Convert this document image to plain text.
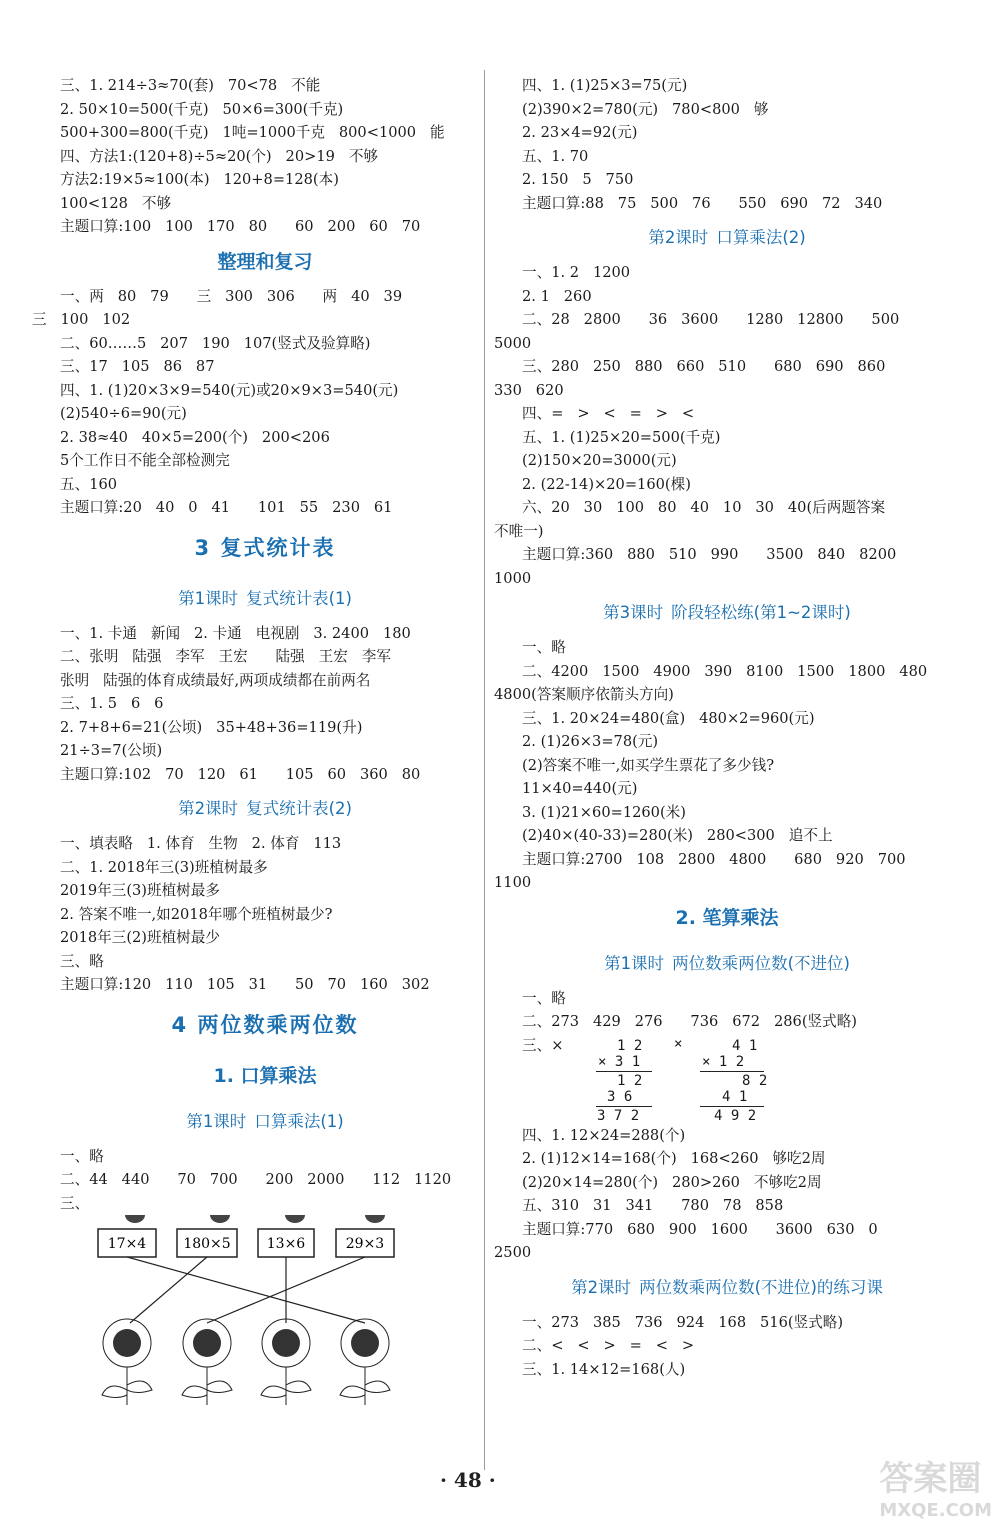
三、1. 214÷3≈70(套)   70<78   不能
2. 50×10=500(千克)   50×6=300(千克)
500+300=800(千克)   1吨=1000千克   800<1000   能
四、方法1:(120+8)÷5≈20(个)   20>19   不够
方法2:19×5≈100(本)   120+8=128(本)
100<128   不够
主题口算:100   100   170   80      60   200   60   70
整理和复习
一、两   80   79      三   300   306      两   40   39
三   100   102
二、60……5   207   190   107(竖式及验算略)
三、17   105   86   87
四、1. (1)20×3×9=540(元)或20×9×3=540(元)
(2)540÷6=90(元)
2. 38≈40   40×5=200(个)   200<206
5个工作日不能全部检测完
五、160
主题口算:20   40   0   41      101   55   230   61
3 复式统计表
第1课时 复式统计表(1)
一、1. 卡通   新闻   2. 卡通   电视剧   3. 2400   180
二、张明   陆强   李军   王宏      陆强   王宏   李军
张明   陆强的体育成绩最好,两项成绩都在前两名
三、1. 5   6   6
2. 7+8+6=21(公顷)   35+48+36=119(升)
21÷3=7(公顷)
主题口算:102   70   120   61      105   60   360   80
第2课时 复式统计表(2)
一、填表略   1. 体育   生物   2. 体育   113
二、1. 2018年三(3)班植树最多
2019年三(3)班植树最多
2. 答案不唯一,如2018年哪个班植树最少?
2018年三(2)班植树最少
三、略
主题口算:120   110   105   31      50   70   160   302
4 两位数乘两位数
1. 口算乘法
第1课时 口算乘法(1)
一、略
二、44   440      70   700      200   2000      112   1120
三、
17×4	180×5	13×6	29×3
四、1. (1)25×3=75(元)
(2)390×2=780(元)   780<800   够
2. 23×4=92(元)
五、1. 70
2. 150   5   750
主题口算:88   75   500   76      550   690   72   340
第2课时 口算乘法(2)
一、1. 2   1200
2. 1   260
二、28   2800      36   3600      1280   12800      500
5000
三、280   250   880   660   510      680   690   860
330   620
四、=   >   <   =   >   <
五、1. (1)25×20=500(千克)
(2)150×20=3000(元)
2. (22-14)×20=160(棵)
六、20   30   100   80   40   10   30   40(后两题答案
不唯一)
主题口算:360   880   510   990      3500   840   8200
1000
第3课时 阶段轻松练(第1~2课时)
一、略
二、4200   1500   4900   390   8100   1500   1800   480
4800(答案顺序依箭头方向)
三、1. 20×24=480(盒)   480×2=960(元)
2. (1)26×3=78(元)
(2)答案不唯一,如买学生票花了多少钱?
11×40=440(元)
3. (1)21×60=1260(米)
(2)40×(40-33)=280(米)   280<300   追不上
主题口算:2700   108   2800   4800      680   920   700
1100
2. 笔算乘法
第1课时 两位数乘两位数(不进位)
一、略
二、273   429   276      736   672   286(竖式略)
三、×	×
1 2
× 3 1
1 2
3 6
3 7 2
4 1
× 1 2
8 2
4 1
4 9 2
四、1. 12×24=288(个)
2. (1)12×14=168(个)   168<260   够吃2周
(2)20×14=280(个)   280>260   不够吃2周
五、310   31   341      780   78   858
主题口算:770   680   900   1600      3600   630   0
2500
第2课时 两位数乘两位数(不进位)的练习课
一、273   385   736   924   168   516(竖式略)
二、<   <   >   =   <   >
三、1. 14×12=168(人)
· 48 ·	答案圈
MXQE.COM
